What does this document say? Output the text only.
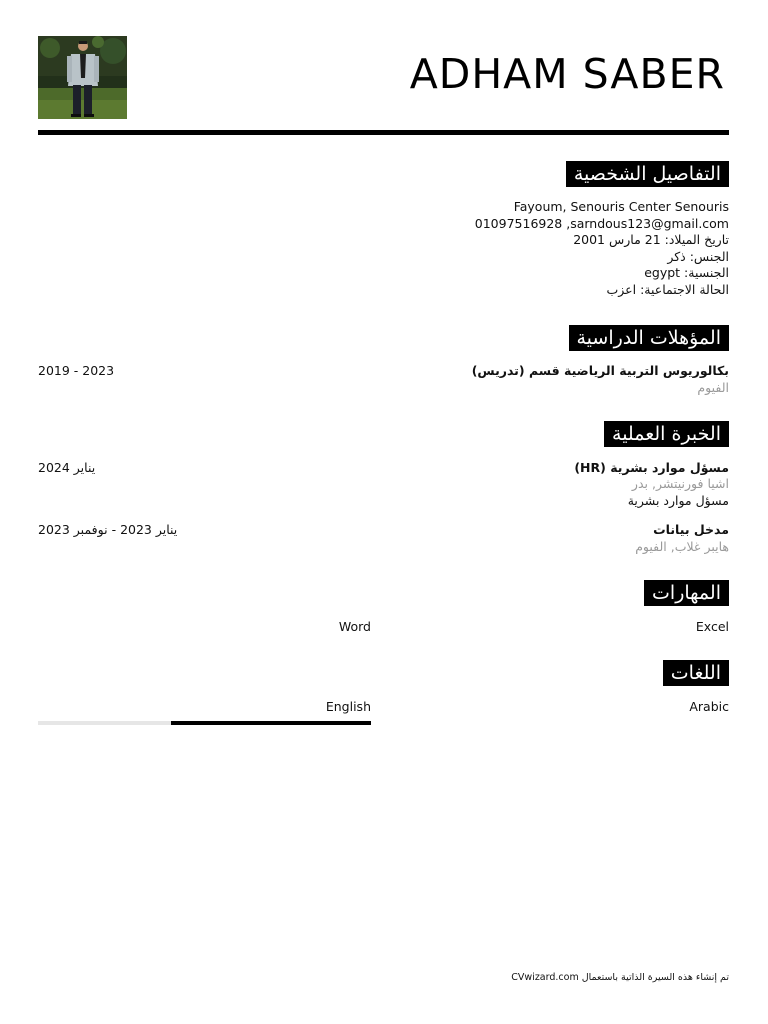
ADHAM SABER
التفاصيل الشخصية
Fayoum, Senouris Center Senouris
01097516928 ,sarndous123@gmail.com
تاريخ الميلاد: 21 مارس 2001
الجنس: ذكر
الجنسية: egypt
الحالة الاجتماعية: اعزب
المؤهلات الدراسية
بكالوريوس التربية الرياضية قسم (تدريس)
الفيوم
2019 - 2023
الخبرة العملية
مسؤل موارد بشرية (HR)
اشيا فورنيتشر, بدر
مسؤل موارد بشرية
يناير 2024
مدخل بيانات
هايبر غلاب, الفيوم
يناير 2023 - نوفمبر 2023
المهارات
Excel
Word
اللغات
Arabic
English
تم إنشاء هذه السيرة الذاتية باستعمال CVwizard.com
